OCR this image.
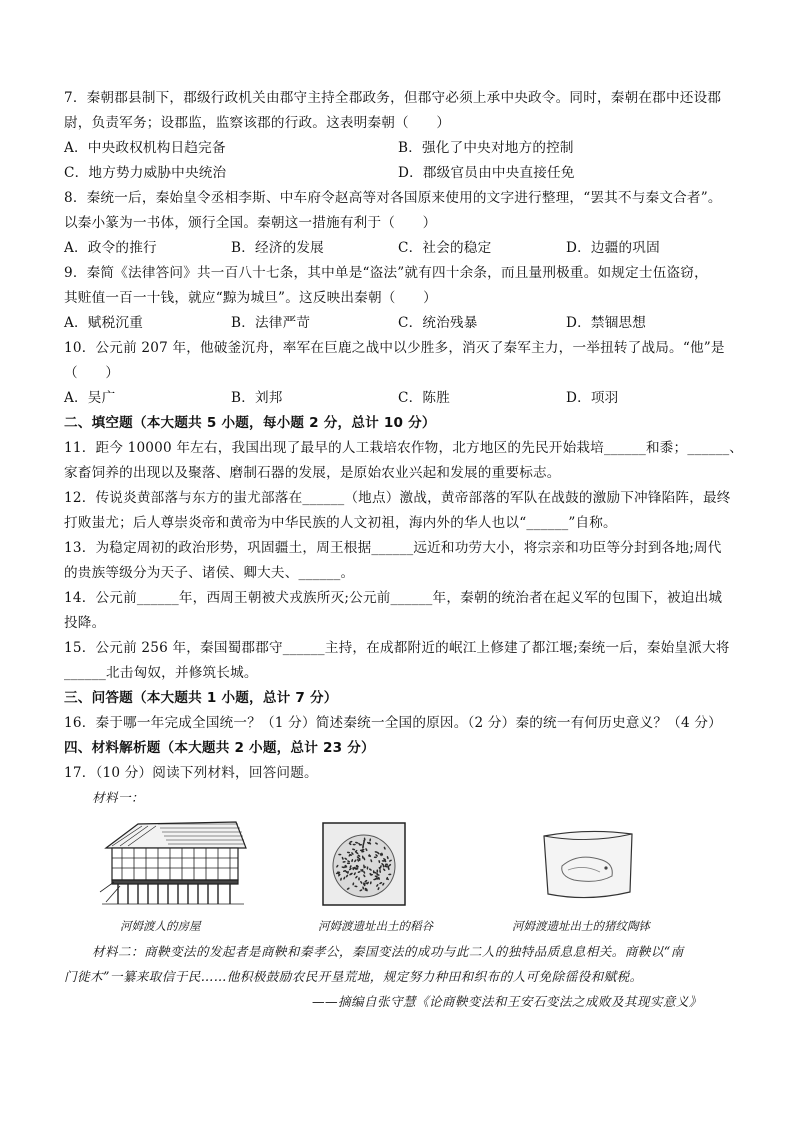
7．秦朝郡县制下，郡级行政机关由郡守主持全郡政务，但郡守必须上承中央政令。同时，秦朝在郡中还设郡
尉，负责军务；设郡监，监察该郡的行政。这表明秦朝（　　）
A．中央政权机构日趋完备	B．强化了中央对地方的控制
C．地方势力威胁中央统治	D．郡级官员由中央直接任免
8．秦统一后，秦始皇令丞相李斯、中车府令赵高等对各国原来使用的文字进行整理，“罢其不与秦文合者”。
以秦小篆为一书体，颁行全国。秦朝这一措施有利于（　　）
A．政令的推行	B．经济的发展	C．社会的稳定	D．边疆的巩固
9．秦简《法律答问》共一百八十七条，其中单是“盗法”就有四十余条，而且量刑极重。如规定士伍盗窃，
其赃值一百一十钱，就应“黥为城旦”。这反映出秦朝（　　）
A．赋税沉重	B．法律严苛	C．统治残暴	D．禁锢思想
10．公元前 207 年，他破釜沉舟，率军在巨鹿之战中以少胜多，消灭了秦军主力，一举扭转了战局。“他”是
（　　）
A．吴广	B．刘邦	C．陈胜	D．项羽
二、填空题（本大题共 5 小题，每小题 2 分，总计 10 分）
11．距今 10000 年左右，我国出现了最早的人工栽培农作物，北方地区的先民开始栽培______和黍；______、
家畜饲养的出现以及聚落、磨制石器的发展，是原始农业兴起和发展的重要标志。
12．传说炎黄部落与东方的蚩尤部落在______（地点）激战，黄帝部落的军队在战鼓的激励下冲锋陷阵，最终
打败蚩尤；后人尊崇炎帝和黄帝为中华民族的人文初祖，海内外的华人也以“______”自称。
13．为稳定周初的政治形势，巩固疆土，周王根据______远近和功劳大小，将宗亲和功臣等分封到各地;周代
的贵族等级分为天子、诸侯、卿大夫、______。
14．公元前______年，西周王朝被犬戎族所灭;公元前______年，秦朝的统治者在起义军的包围下，被迫出城
投降。
15．公元前 256 年，秦国蜀郡郡守______主持，在成都附近的岷江上修建了都江堰;秦统一后，秦始皇派大将
______北击匈奴，并修筑长城。
三、问答题（本大题共 1 小题，总计 7 分）
16．秦于哪一年完成全国统一？（1 分）简述秦统一全国的原因。（2 分）秦的统一有何历史意义？（4 分）
四、材料解析题（本大题共 2 小题，总计 23 分）
17．（10 分）阅读下列材料，回答问题。
材料一：
河姆渡人的房屋	河姆渡遗址出土的稻谷	河姆渡遗址出土的猪纹陶钵
材料二：商鞅变法的发起者是商鞅和秦孝公，秦国变法的成功与此二人的独特品质息息相关。商鞅以“南
门徙木”一纂来取信于民……他积极鼓励农民开垦荒地，规定努力种田和织布的人可免除徭役和赋税。
——摘编自张守慧《论商鞅变法和王安石变法之成败及其现实意义》
